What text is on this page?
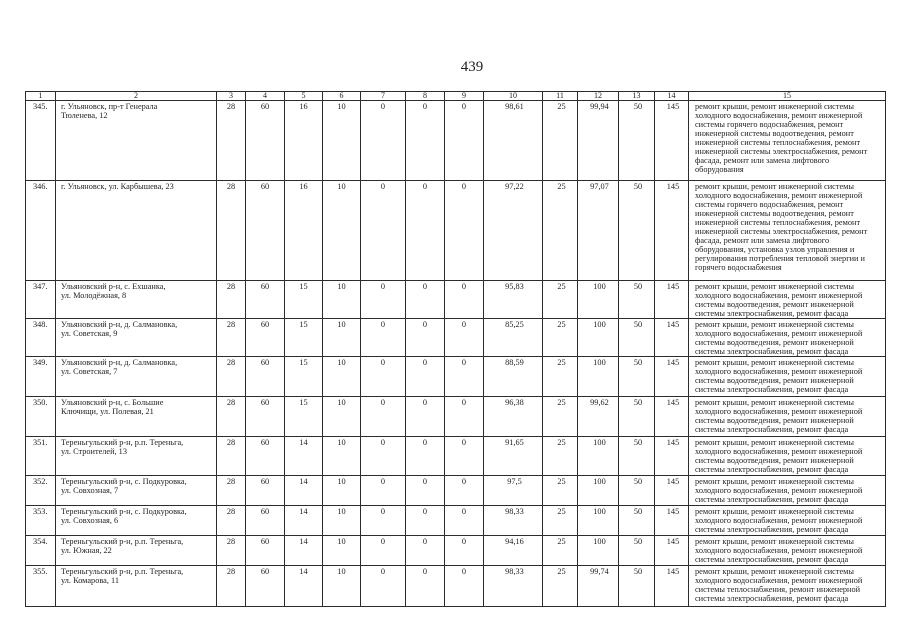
439
1	2	3	4	5	6	7	8	9	10	11	12	13	14	15
345.	г. Ульяновск, пр-т Генерала
Тюленева, 12	28	60	16	10	0	0	0	98,61	25	99,94	50	145	ремонт крыши, ремонт инженерной системы холодного водоснабжения, ремонт инженерной системы горячего водоснабжения, ремонт инженерной системы водоотведения, ремонт инженерной системы теплоснабжения, ремонт инженерной системы электроснабжения, ремонт фасада, ремонт или замена лифтового оборудования
346.	г. Ульяновск, ул. Карбышева, 23	28	60	16	10	0	0	0	97,22	25	97,07	50	145	ремонт крыши, ремонт инженерной системы холодного водоснабжения, ремонт инженерной системы горячего водоснабжения, ремонт инженерной системы водоотведения, ремонт инженерной системы теплоснабжения, ремонт инженерной системы электроснабжения, ремонт фасада, ремонт или замена лифтового оборудования, установка узлов управления и регулирования потребления тепловой энергии и горячего водоснабжения
347.	Ульяновский р-н, с. Ехшанка,
ул. Молодёжная, 8	28	60	15	10	0	0	0	95,83	25	100	50	145	ремонт крыши, ремонт инженерной системы холодного водоснабжения, ремонт инженерной системы водоотведения, ремонт инженерной системы электроснабжения, ремонт фасада
348.	Ульяновский р-н, д. Салмановка,
ул. Советская, 9	28	60	15	10	0	0	0	85,25	25	100	50	145	ремонт крыши, ремонт инженерной системы холодного водоснабжения, ремонт инженерной системы водоотведения, ремонт инженерной системы электроснабжения, ремонт фасада
349.	Ульяновский р-н, д. Салмановка,
ул. Советская, 7	28	60	15	10	0	0	0	88,59	25	100	50	145	ремонт крыши, ремонт инженерной системы холодного водоснабжения, ремонт инженерной системы водоотведения, ремонт инженерной системы электроснабжения, ремонт фасада
350.	Ульяновский р-н, с. Большие
Ключищи, ул. Полевая, 21	28	60	15	10	0	0	0	96,38	25	99,62	50	145	ремонт крыши, ремонт инженерной системы холодного водоснабжения, ремонт инженерной системы водоотведения, ремонт инженерной системы электроснабжения, ремонт фасада
351.	Тереньгульский р-н, р.п. Тереньга,
ул. Строителей, 13	28	60	14	10	0	0	0	91,65	25	100	50	145	ремонт крыши, ремонт инженерной системы холодного водоснабжения, ремонт инженерной системы водоотведения, ремонт инженерной системы электроснабжения, ремонт фасада
352.	Тереньгульский р-н, с. Подкуровка,
ул. Совхозная, 7	28	60	14	10	0	0	0	97,5	25	100	50	145	ремонт крыши, ремонт инженерной системы холодного водоснабжения, ремонт инженерной системы электроснабжения, ремонт фасада
353.	Тереньгульский р-н, с. Подкуровка,
ул. Совхозная, 6	28	60	14	10	0	0	0	98,33	25	100	50	145	ремонт крыши, ремонт инженерной системы холодного водоснабжения, ремонт инженерной системы электроснабжения, ремонт фасада
354.	Тереньгульский р-н, р.п. Тереньга,
ул. Южная, 22	28	60	14	10	0	0	0	94,16	25	100	50	145	ремонт крыши, ремонт инженерной системы холодного водоснабжения, ремонт инженерной системы электроснабжения, ремонт фасада
355.	Тереньгульский р-н, р.п. Тереньга,
ул. Комарова, 11	28	60	14	10	0	0	0	98,33	25	99,74	50	145	ремонт крыши, ремонт инженерной системы холодного водоснабжения, ремонт инженерной системы теплоснабжения, ремонт инженерной системы электроснабжения, ремонт фасада
